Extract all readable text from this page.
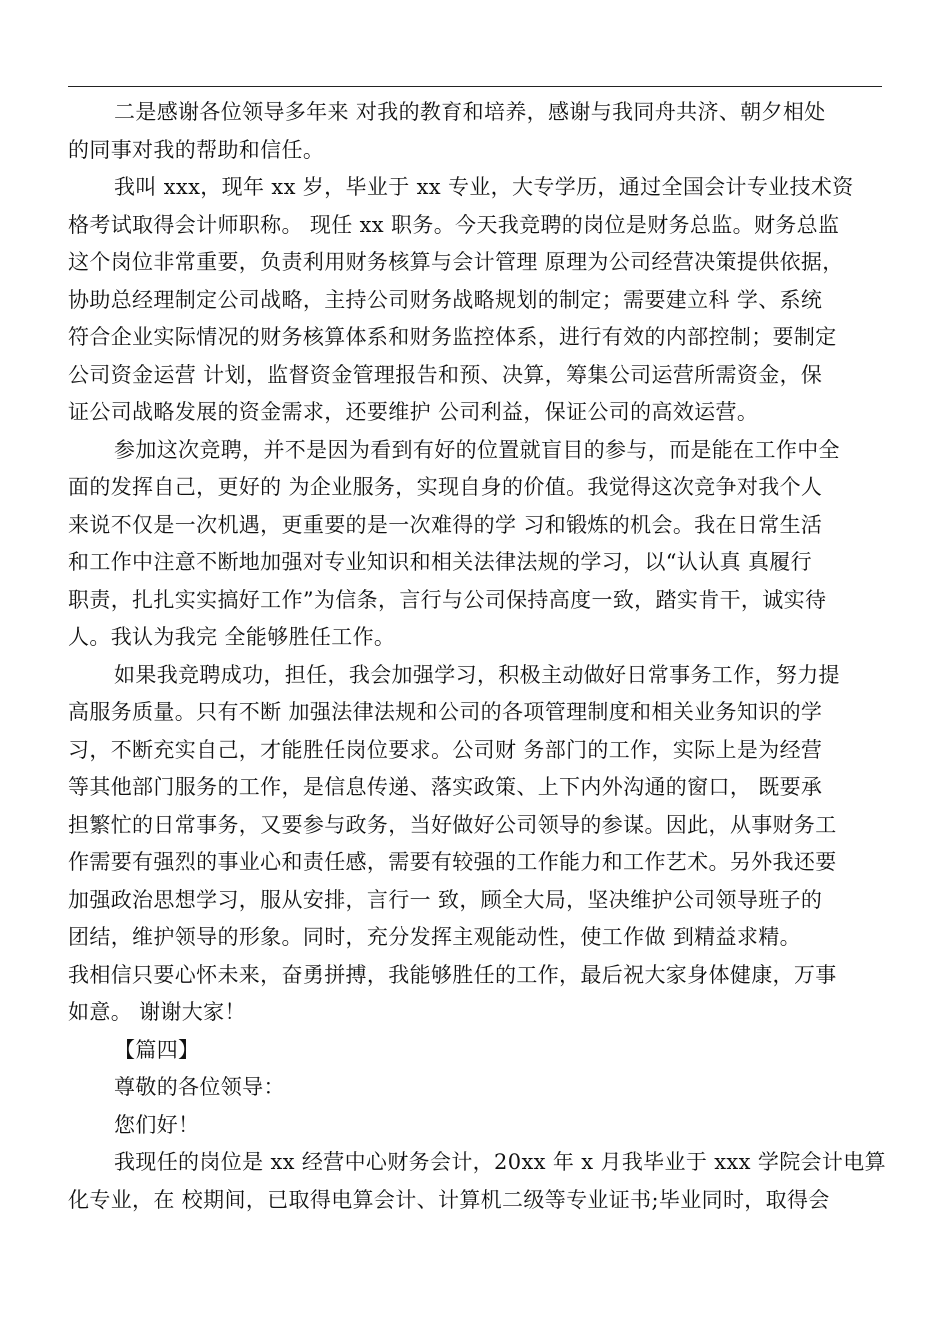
二是感谢各位领导多年来 对我的教育和培养，感谢与我同舟共济、朝夕相处
的同事对我的帮助和信任。
我叫 xxx，现年 xx 岁，毕业于 xx 专业，大专学历，通过全国会计专业技术资
格考试取得会计师职称。 现任 xx 职务。今天我竞聘的岗位是财务总监。财务总监
这个岗位非常重要，负责利用财务核算与会计管理 原理为公司经营决策提供依据，
协助总经理制定公司战略，主持公司财务战略规划的制定；需要建立科 学、系统
符合企业实际情况的财务核算体系和财务监控体系，进行有效的内部控制；要制定
公司资金运营 计划，监督资金管理报告和预、决算，筹集公司运营所需资金，保
证公司战略发展的资金需求，还要维护 公司利益，保证公司的高效运营。
参加这次竞聘，并不是因为看到有好的位置就盲目的参与，而是能在工作中全
面的发挥自己，更好的 为企业服务，实现自身的价值。我觉得这次竞争对我个人
来说不仅是一次机遇，更重要的是一次难得的学 习和锻炼的机会。我在日常生活
和工作中注意不断地加强对专业知识和相关法律法规的学习，以“认认真 真履行
职责，扎扎实实搞好工作”为信条，言行与公司保持高度一致，踏实肯干，诚实待
人。我认为我完 全能够胜任工作。
如果我竞聘成功，担任，我会加强学习，积极主动做好日常事务工作，努力提
高服务质量。只有不断 加强法律法规和公司的各项管理制度和相关业务知识的学
习，不断充实自己，才能胜任岗位要求。公司财 务部门的工作，实际上是为经营
等其他部门服务的工作，是信息传递、落实政策、上下内外沟通的窗口， 既要承
担繁忙的日常事务，又要参与政务，当好做好公司领导的参谋。因此，从事财务工
作需要有强烈的事业心和责任感，需要有较强的工作能力和工作艺术。另外我还要
加强政治思想学习，服从安排，言行一 致，顾全大局，坚决维护公司领导班子的
团结，维护领导的形象。同时，充分发挥主观能动性，使工作做 到精益求精。
我相信只要心怀未来，奋勇拼搏，我能够胜任的工作，最后祝大家身体健康，万事
如意。 谢谢大家！
【篇四】
尊敬的各位领导：
您们好！
我现任的岗位是 xx 经营中心财务会计，20xx 年 x 月我毕业于 xxx 学院会计电算
化专业，在 校期间，已取得电算会计、计算机二级等专业证书;毕业同时，取得会
